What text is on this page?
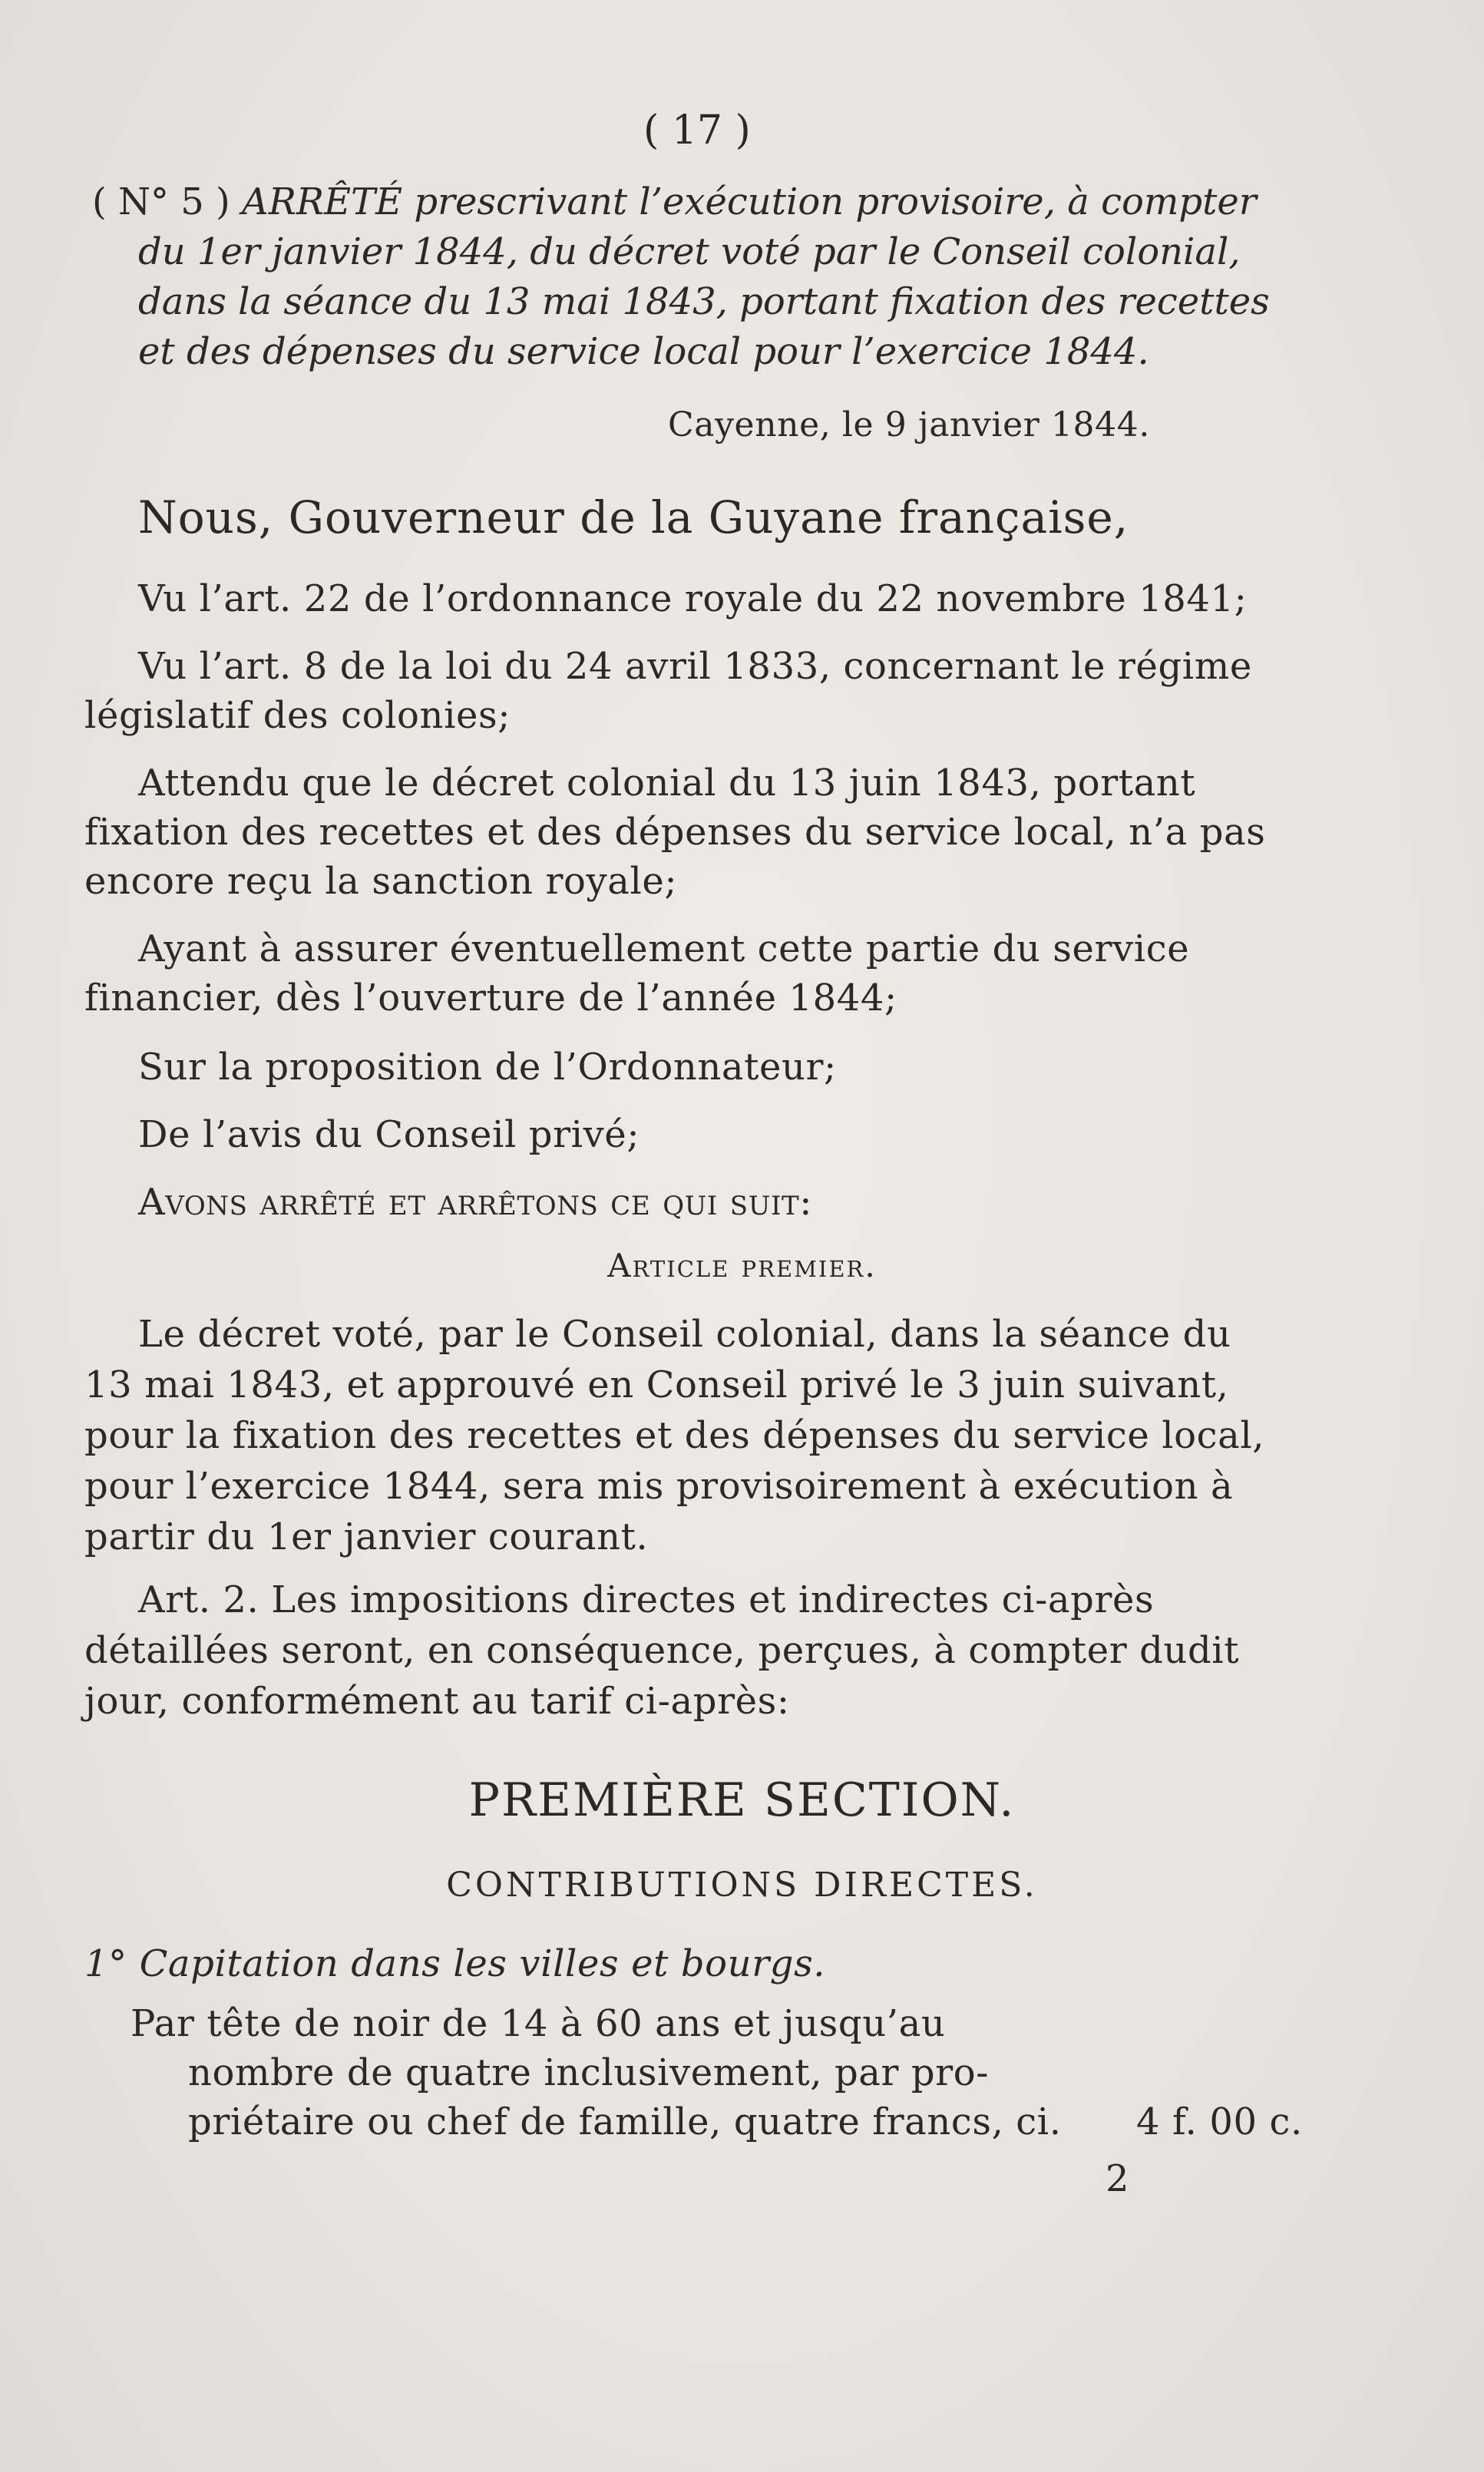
( 17 )
( N° 5 ) ARRÊTÉ prescrivant l’exécution provisoire, à compter
du 1er janvier 1844, du décret voté par le Conseil colonial,
dans la séance du 13 mai 1843, portant fixation des recettes
et des dépenses du service local pour l’exercice 1844.
Cayenne, le 9 janvier 1844.
Nous, Gouverneur de la Guyane française,
Vu l’art. 22 de l’ordonnance royale du 22 novembre 1841;
Vu l’art. 8 de la loi du 24 avril 1833, concernant le régime
législatif des colonies;
Attendu que le décret colonial du 13 juin 1843, portant
fixation des recettes et des dépenses du service local, n’a pas
encore reçu la sanction royale;
Ayant à assurer éventuellement cette partie du service
financier, dès l’ouverture de l’année 1844;
Sur la proposition de l’Ordonnateur;
De l’avis du Conseil privé;
Avons arrêté et arrêtons ce qui suit:
Article premier.
Le décret voté, par le Conseil colonial, dans la séance du
13 mai 1843, et approuvé en Conseil privé le 3 juin suivant,
pour la fixation des recettes et des dépenses du service local,
pour l’exercice 1844, sera mis provisoirement à exécution à
partir du 1er janvier courant.
Art. 2. Les impositions directes et indirectes ci-après
détaillées seront, en conséquence, perçues, à compter dudit
jour, conformément au tarif ci-après:
PREMIÈRE SECTION.
CONTRIBUTIONS DIRECTES.
1° Capitation dans les villes et bourgs.
Par tête de noir de 14 à 60 ans et jusqu’au
nombre de quatre inclusivement, par pro-
priétaire ou chef de famille, quatre francs, ci. 4 f. 00 c.
2
